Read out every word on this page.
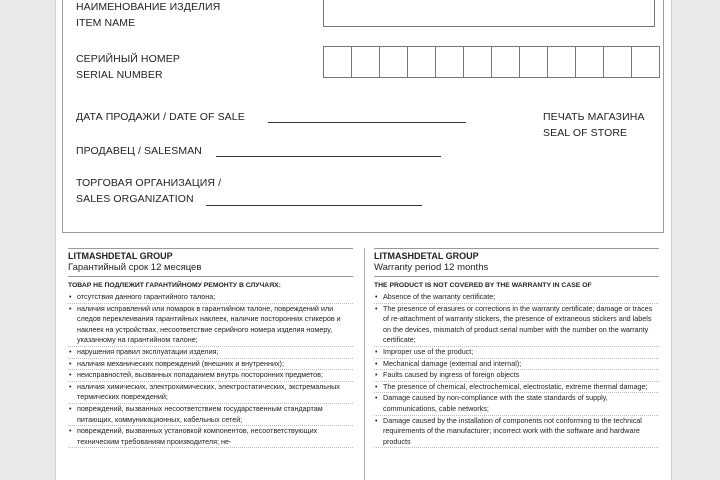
НАИМЕНОВАНИЕ ИЗДЕЛИЯ
ITEM NAME
СЕРИЙНЫЙ НОМЕР
SERIAL NUMBER
ДАТА ПРОДАЖИ / DATE OF SALE
ПРОДАВЕЦ / SALESMAN
ТОРГОВАЯ ОРГАНИЗАЦИЯ /
SALES ORGANIZATION
ПЕЧАТЬ МАГАЗИНА
SEAL OF STORE
LITMASHDETAL GROUP
Гарантийный срок 12 месяцев
ТОВАР НЕ ПОДЛЕЖИТ ГАРАНТИЙНОМУ РЕМОНТУ В СЛУЧАЯХ:
• отсутствия данного гарантийного талона;
• наличия исправлений или помарок в гарантийном талоне, повреждений или следов переклеивания гарантийных наклеек, наличие посторонних стикеров и наклеек на устройствах, несоответствие серийного номера изделия номеру, указанному на гарантийном талоне;
• нарушения правил эксплуатации изделия;
• наличия механических повреждений (внешних и внутренних);
• неисправностей, вызванных попаданием внутрь посторонних предметов;
• наличия химических, электрохимических, электростатических, экстремальных термических повреждений;
• повреждений, вызванных несоответствием государственным стандартам питающих, коммуникационных, кабельных сетей;
• повреждений, вызванных установкой компонентов, несоответствующих техническим требованиям производителя; не-
LITMASHDETAL GROUP
Warranty period 12 months
THE PRODUCT IS NOT COVERED BY THE WARRANTY IN CASE OF
• Absence of the warranty certificate;
• The presence of erasures or corrections in the warranty certificate; damage or traces of re-attachment of warranty stickers, the presence of extraneous stickers and labels on the devices, mismatch of product serial number with the number on the warranty certificate;
• Improper use of the product;
• Mechanical damage (external and internal);
• Faults caused by ingress of foreign objects
• The presence of chemical, electrochemical, electrostatic, extreme thermal damage;
• Damage caused by non-compliance with the state standards of supply, communications, cable networks;
• Damage caused by the installation of components not conforming to the technical requirements of the manufacturer; incorrect work with the software and hardware products
